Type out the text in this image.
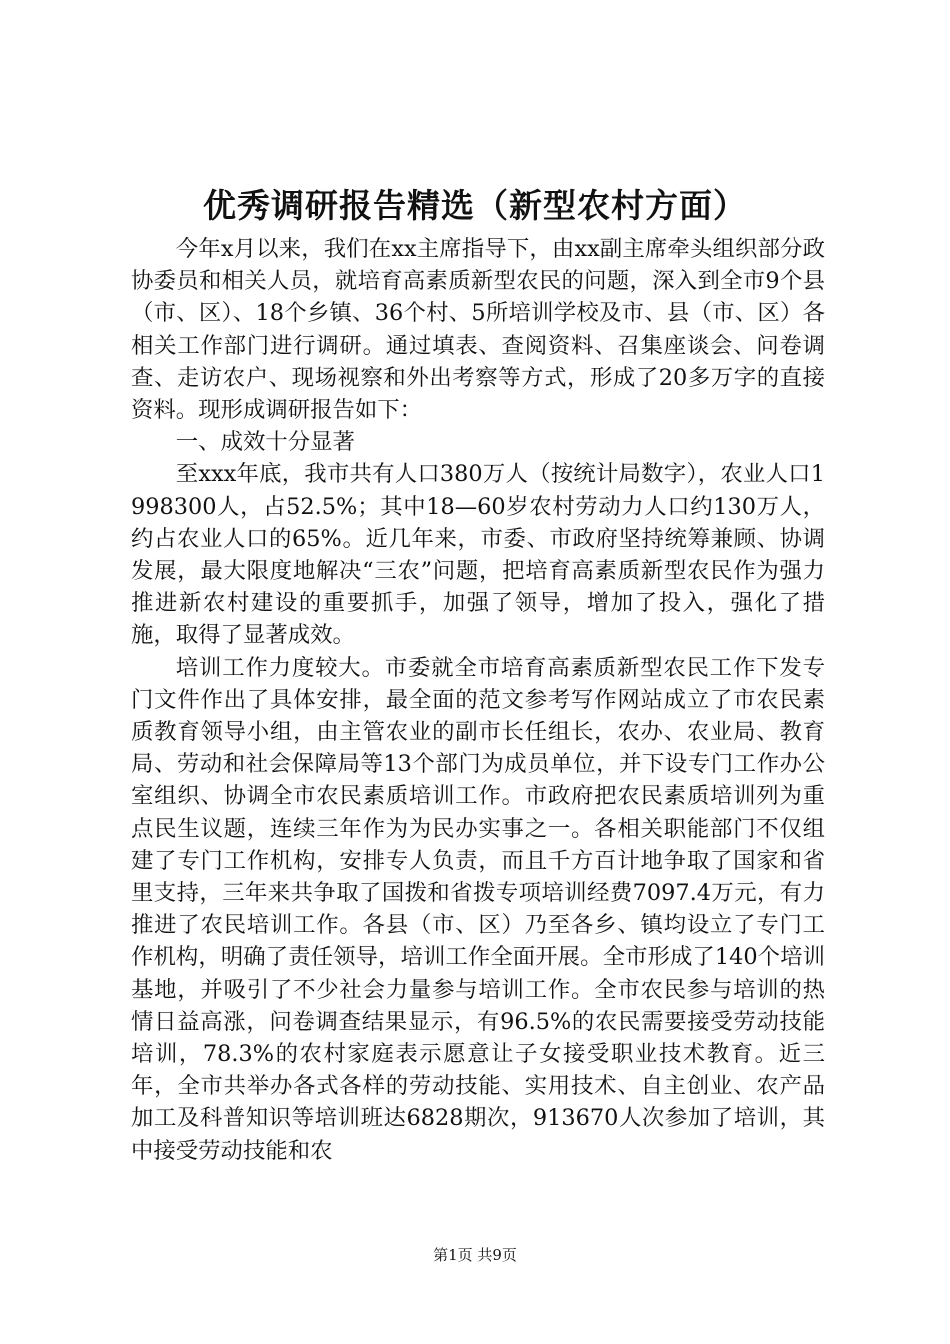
优秀调研报告精选（新型农村方面）

今年x月以来，我们在xx主席指导下，由xx副主席牵头组织部分政协委员和相关人员，就培育高素质新型农民的问题，深入到全市9个县（市、区）、18个乡镇、36个村、5所培训学校及市、县（市、区）各相关工作部门进行调研。通过填表、查阅资料、召集座谈会、问卷调查、走访农户、现场视察和外出考察等方式，形成了20多万字的直接资料。现形成调研报告如下：

一、成效十分显著

至xxx年底，我市共有人口380万人（按统计局数字），农业人口1998300人，占52.5%；其中18—60岁农村劳动力人口约130万人，约占农业人口的65%。近几年来，市委、市政府坚持统筹兼顾、协调发展，最大限度地解决“三农”问题，把培育高素质新型农民作为强力推进新农村建设的重要抓手，加强了领导，增加了投入，强化了措施，取得了显著成效。

培训工作力度较大。市委就全市培育高素质新型农民工作下发专门文件作出了具体安排，最全面的范文参考写作网站成立了市农民素质教育领导小组，由主管农业的副市长任组长，农办、农业局、教育局、劳动和社会保障局等13个部门为成员单位，并下设专门工作办公室组织、协调全市农民素质培训工作。市政府把农民素质培训列为重点民生议题，连续三年作为为民办实事之一。各相关职能部门不仅组建了专门工作机构，安排专人负责，而且千方百计地争取了国家和省里支持，三年来共争取了国拨和省拨专项培训经费7097.4万元，有力推进了农民培训工作。各县（市、区）乃至各乡、镇均设立了专门工作机构，明确了责任领导，培训工作全面开展。全市形成了140个培训基地，并吸引了不少社会力量参与培训工作。全市农民参与培训的热情日益高涨，问卷调查结果显示，有96.5%的农民需要接受劳动技能培训，78.3%的农村家庭表示愿意让子女接受职业技术教育。近三年，全市共举办各式各样的劳动技能、实用技术、自主创业、农产品加工及科普知识等培训班达6828期次，913670人次参加了培训，其中接受劳动技能和农

第1页 共9页
